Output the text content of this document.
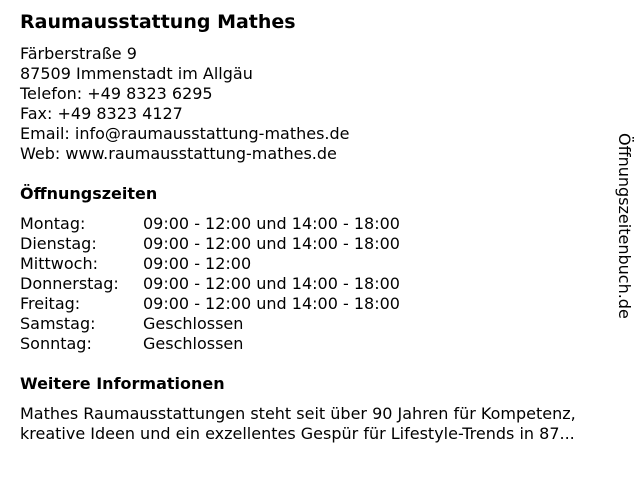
Raumausstattung Mathes
Färberstraße 9
87509 Immenstadt im Allgäu
Telefon: +49 8323 6295
Fax: +49 8323 4127
Email: info@raumausstattung-mathes.de
Web: www.raumausstattung-mathes.de
Öffnungszeiten
Montag:	09:00 - 12:00 und 14:00 - 18:00
Dienstag:	09:00 - 12:00 und 14:00 - 18:00
Mittwoch:	09:00 - 12:00
Donnerstag:	09:00 - 12:00 und 14:00 - 18:00
Freitag:	09:00 - 12:00 und 14:00 - 18:00
Samstag:	Geschlossen
Sonntag:	Geschlossen
Weitere Informationen
Mathes Raumausstattungen steht seit über 90 Jahren für Kompetenz, kreative Ideen und ein exzellentes Gespür für Lifestyle-Trends in 87...
Öffnungszeitenbuch.de
